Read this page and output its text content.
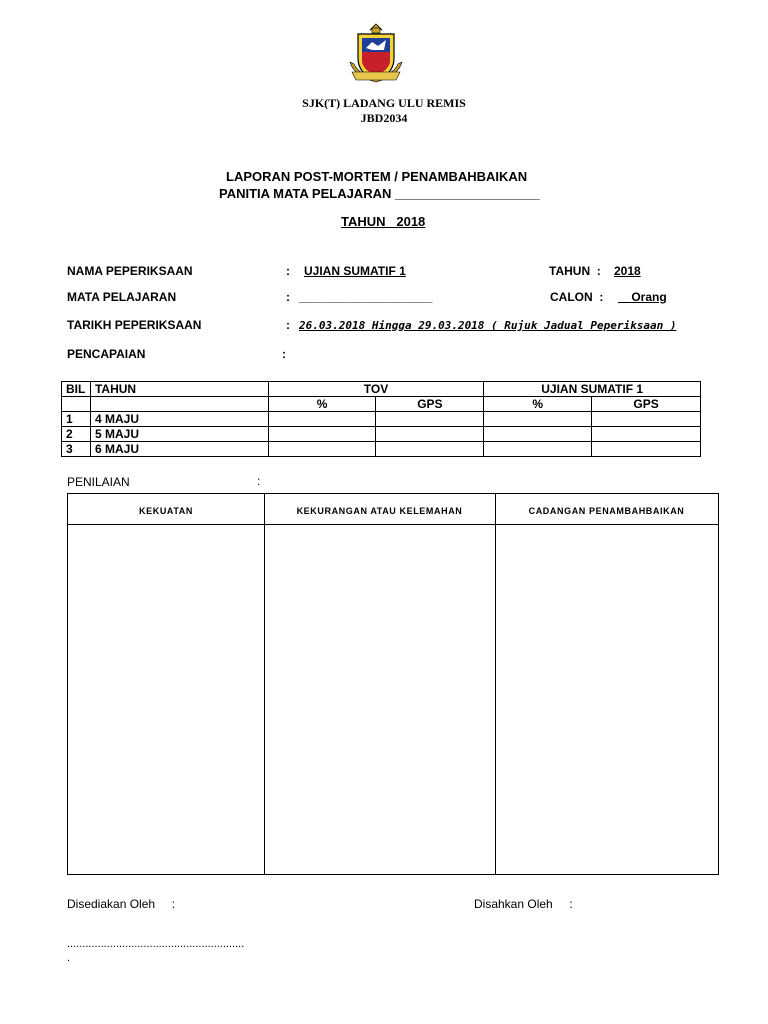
SJK(T) LADANG ULU REMIS
JBD2034
LAPORAN POST-MORTEM / PENAMBAHBAIKAN
PANITIA MATA PELAJARAN ____________________
TAHUN   2018
NAMA PEPERIKSAAN	: UJIAN SUMATIF 1	TAHUN  : 2018
MATA PELAJARAN	: ____________________	CALON  : __Orang
TARIKH PEPERIKSAAN	: 26.03.2018 Hingga 29.03.2018 ( Rujuk Jadual Peperiksaan )
PENCAPAIAN	:
BIL	TAHUN	TOV		UJIAN SUMATIF 1	
		%	GPS	%	GPS
1	4 MAJU				
2	5 MAJU				
3	6 MAJU				
PENILAIAN	:
KEKUATAN	KEKURANGAN ATAU KELEMAHAN	CADANGAN PENAMBAHBAIKAN
Disediakan Oleh     :	Disahkan Oleh     :
..........................................................
.
